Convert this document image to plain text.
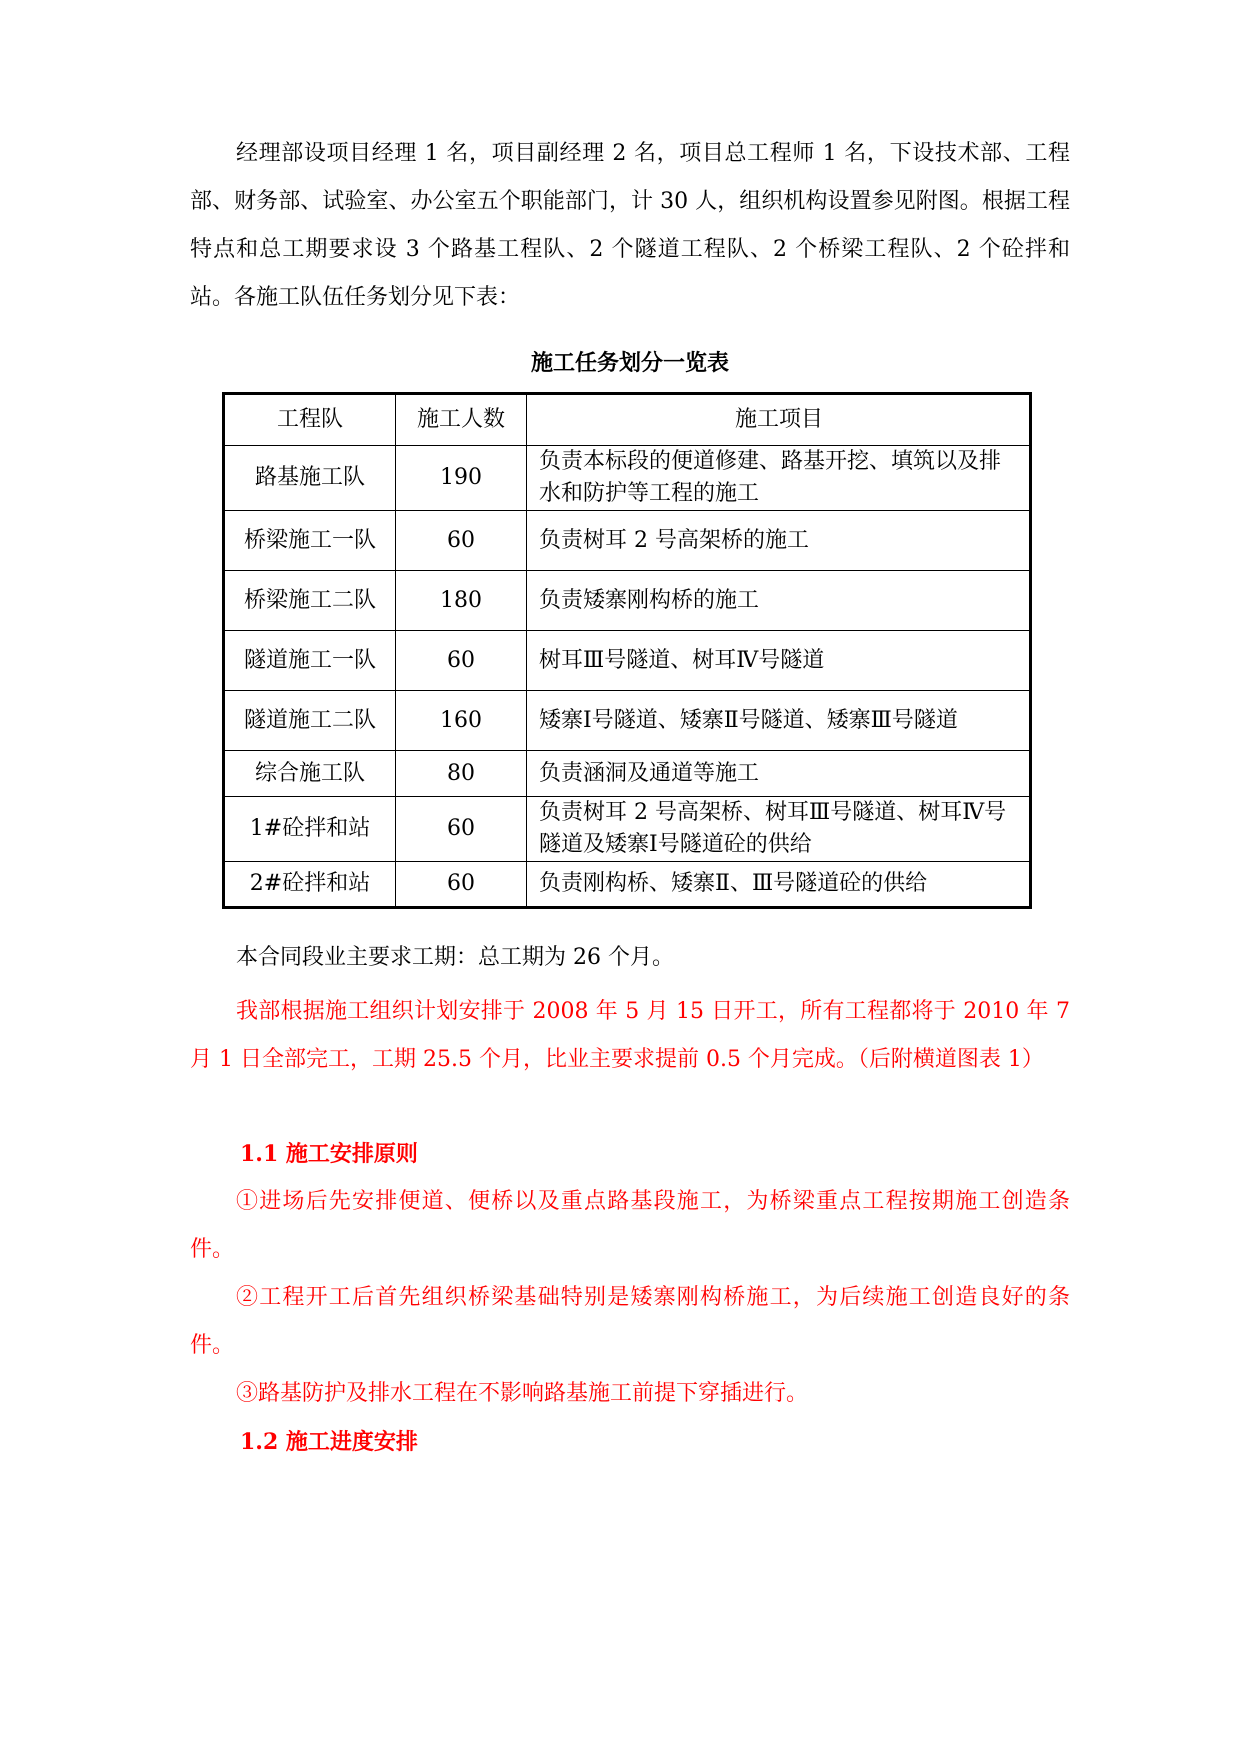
经理部设项目经理 1 名，项目副经理 2 名，项目总工程师 1 名，下设技术部、工程部、财务部、试验室、办公室五个职能部门，计 30 人，组织机构设置参见附图。根据工程特点和总工期要求设 3 个路基工程队、2 个隧道工程队、2 个桥梁工程队、2 个砼拌和站。各施工队伍任务划分见下表：

施工任务划分一览表

工程队	施工人数	施工项目
路基施工队	190	负责本标段的便道修建、路基开挖、填筑以及排水和防护等工程的施工
桥梁施工一队	60	负责树耳 2 号高架桥的施工
桥梁施工二队	180	负责矮寨刚构桥的施工
隧道施工一队	60	树耳Ⅲ号隧道、树耳Ⅳ号隧道
隧道施工二队	160	矮寨Ⅰ号隧道、矮寨Ⅱ号隧道、矮寨Ⅲ号隧道
综合施工队	80	负责涵洞及通道等施工
1#砼拌和站	60	负责树耳 2 号高架桥、树耳Ⅲ号隧道、树耳Ⅳ号隧道及矮寨Ⅰ号隧道砼的供给
2#砼拌和站	60	负责刚构桥、矮寨Ⅱ、Ⅲ号隧道砼的供给

本合同段业主要求工期：总工期为 26 个月。

我部根据施工组织计划安排于 2008 年 5 月 15 日开工，所有工程都将于 2010 年 7 月 1 日全部完工，工期 25.5 个月，比业主要求提前 0.5 个月完成。（后附横道图表 1）

1.1 施工安排原则

①进场后先安排便道、便桥以及重点路基段施工，为桥梁重点工程按期施工创造条件。

②工程开工后首先组织桥梁基础特别是矮寨刚构桥施工，为后续施工创造良好的条件。

③路基防护及排水工程在不影响路基施工前提下穿插进行。

1.2 施工进度安排
